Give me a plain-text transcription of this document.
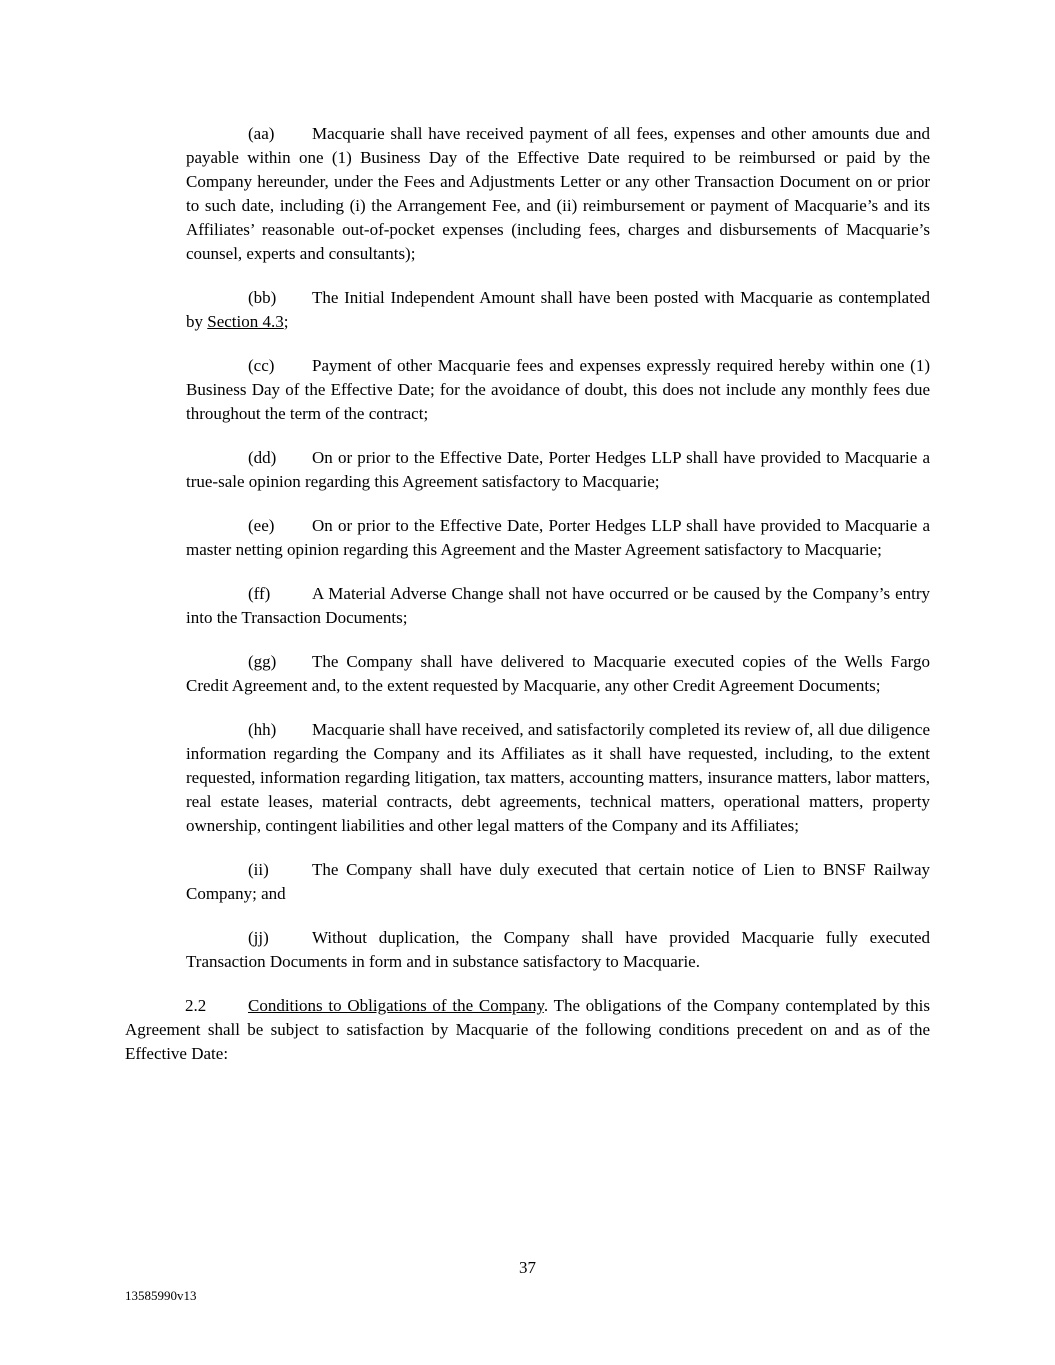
(aa) Macquarie shall have received payment of all fees, expenses and other amounts due and payable within one (1) Business Day of the Effective Date required to be reimbursed or paid by the Company hereunder, under the Fees and Adjustments Letter or any other Transaction Document on or prior to such date, including (i) the Arrangement Fee, and (ii) reimbursement or payment of Macquarie’s and its Affiliates’ reasonable out-of-pocket expenses (including fees, charges and disbursements of Macquarie’s counsel, experts and consultants);

(bb) The Initial Independent Amount shall have been posted with Macquarie as contemplated by Section 4.3;

(cc) Payment of other Macquarie fees and expenses expressly required hereby within one (1) Business Day of the Effective Date; for the avoidance of doubt, this does not include any monthly fees due throughout the term of the contract;

(dd) On or prior to the Effective Date, Porter Hedges LLP shall have provided to Macquarie a true-sale opinion regarding this Agreement satisfactory to Macquarie;

(ee) On or prior to the Effective Date, Porter Hedges LLP shall have provided to Macquarie a master netting opinion regarding this Agreement and the Master Agreement satisfactory to Macquarie;

(ff) A Material Adverse Change shall not have occurred or be caused by the Company’s entry into the Transaction Documents;

(gg) The Company shall have delivered to Macquarie executed copies of the Wells Fargo Credit Agreement and, to the extent requested by Macquarie, any other Credit Agreement Documents;

(hh) Macquarie shall have received, and satisfactorily completed its review of, all due diligence information regarding the Company and its Affiliates as it shall have requested, including, to the extent requested, information regarding litigation, tax matters, accounting matters, insurance matters, labor matters, real estate leases, material contracts, debt agreements, technical matters, operational matters, property ownership, contingent liabilities and other legal matters of the Company and its Affiliates;

(ii)	The Company shall have duly executed that certain notice of Lien to BNSF Railway Company; and

(jj)	Without duplication, the Company shall have provided Macquarie fully executed Transaction Documents in form and in substance satisfactory to Macquarie.

2.2 Conditions to Obligations of the Company. The obligations of the Company contemplated by this Agreement shall be subject to satisfaction by Macquarie of the following conditions precedent on and as of the Effective Date:

37
13585990v13
